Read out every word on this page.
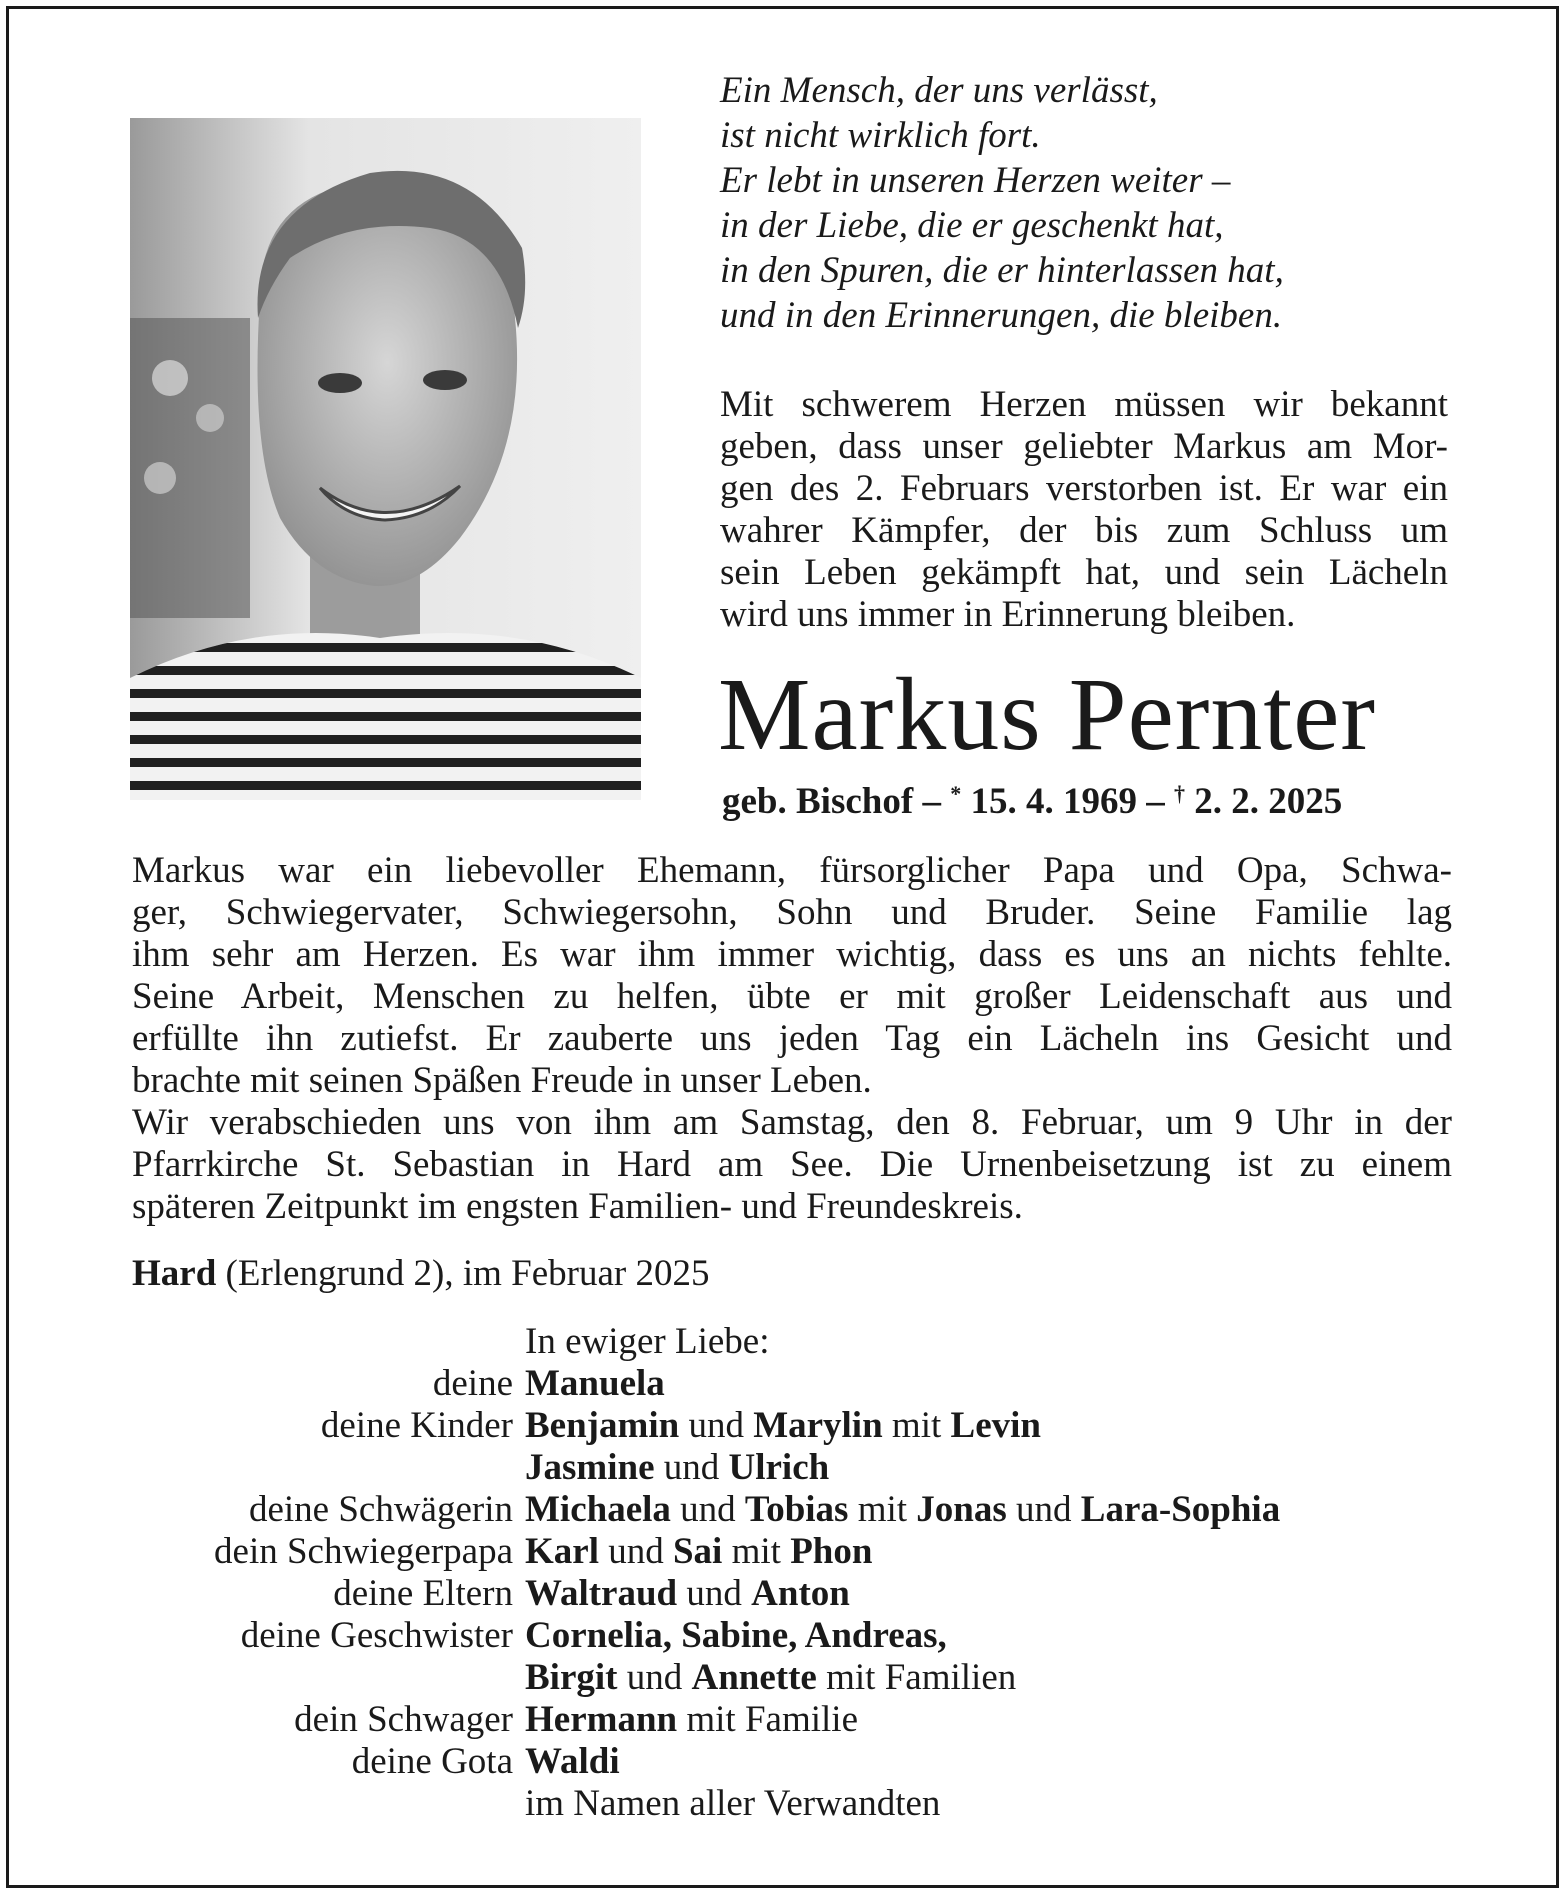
Ein Mensch, der uns verlässt,
ist nicht wirklich fort.
Er lebt in unseren Herzen weiter –
in der Liebe, die er geschenkt hat,
in den Spuren, die er hinterlassen hat,
und in den Erinnerungen, die bleiben.
Mit schwerem Herzen müssen wir bekannt
geben, dass unser geliebter Markus am Mor-
gen des 2. Februars verstorben ist. Er war ein
wahrer Kämpfer, der bis zum Schluss um
sein Leben gekämpft hat, und sein Lächeln
wird uns immer in Erinnerung bleiben.
Markus Pernter
geb. Bischof – * 15. 4. 1969 – † 2. 2. 2025
Markus war ein liebevoller Ehemann, fürsorglicher Papa und Opa, Schwa-
ger, Schwiegervater, Schwiegersohn, Sohn und Bruder. Seine Familie lag
ihm sehr am Herzen. Es war ihm immer wichtig, dass es uns an nichts fehlte.
Seine Arbeit, Menschen zu helfen, übte er mit großer Leidenschaft aus und
erfüllte ihn zutiefst. Er zauberte uns jeden Tag ein Lächeln ins Gesicht und
brachte mit seinen Späßen Freude in unser Leben.
Wir verabschieden uns von ihm am Samstag, den 8. Februar, um 9 Uhr in der
Pfarrkirche St. Sebastian in Hard am See. Die Urnenbeisetzung ist zu einem
späteren Zeitpunkt im engsten Familien- und Freundeskreis.
Hard (Erlengrund 2), im Februar 2025
In ewiger Liebe:
deine Manuela
deine Kinder Benjamin und Marylin mit Levin
Jasmine und Ulrich
deine Schwägerin Michaela und Tobias mit Jonas und Lara-Sophia
dein Schwiegerpapa Karl und Sai mit Phon
deine Eltern Waltraud und Anton
deine Geschwister Cornelia, Sabine, Andreas,
Birgit und Annette mit Familien
dein Schwager Hermann mit Familie
deine Gota Waldi
im Namen aller Verwandten
